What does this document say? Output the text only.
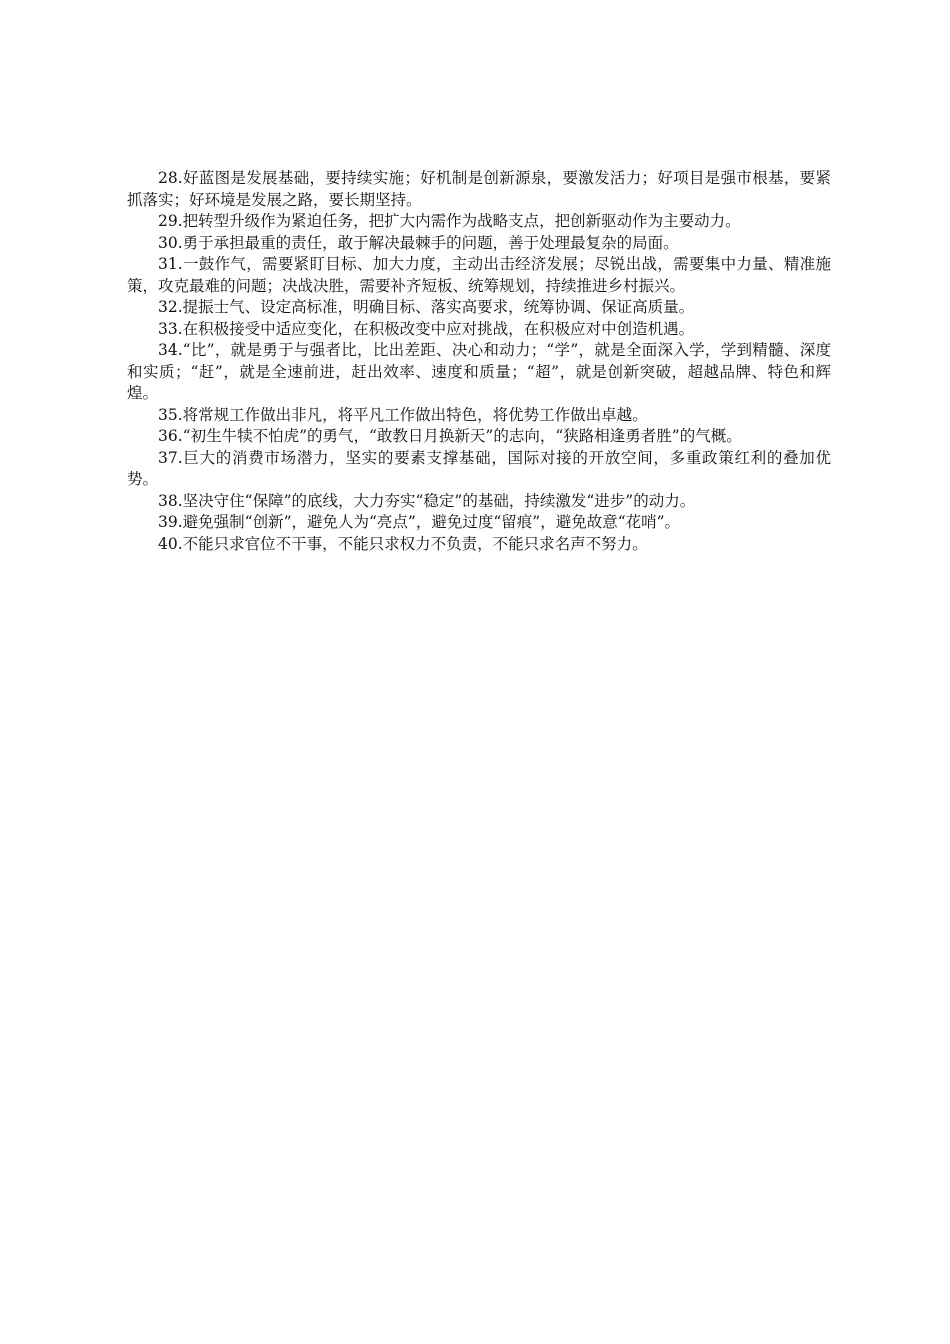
28.好蓝图是发展基础，要持续实施；好机制是创新源泉，要激发活力；好项目是强市根基，要紧抓落实；好环境是发展之路，要长期坚持。

29.把转型升级作为紧迫任务，把扩大内需作为战略支点，把创新驱动作为主要动力。

30.勇于承担最重的责任，敢于解决最棘手的问题，善于处理最复杂的局面。

31.一鼓作气，需要紧盯目标、加大力度，主动出击经济发展；尽锐出战，需要集中力量、精准施策，攻克最难的问题；决战决胜，需要补齐短板、统筹规划，持续推进乡村振兴。

32.提振士气、设定高标准，明确目标、落实高要求，统筹协调、保证高质量。

33.在积极接受中适应变化，在积极改变中应对挑战，在积极应对中创造机遇。

34.“比”，就是勇于与强者比，比出差距、决心和动力；“学”，就是全面深入学，学到精髓、深度和实质；“赶”，就是全速前进，赶出效率、速度和质量；“超”，就是创新突破，超越品牌、特色和辉煌。

35.将常规工作做出非凡，将平凡工作做出特色，将优势工作做出卓越。

36.“初生牛犊不怕虎”的勇气，“敢教日月换新天”的志向，“狭路相逢勇者胜”的气概。

37.巨大的消费市场潜力，坚实的要素支撑基础，国际对接的开放空间，多重政策红利的叠加优势。

38.坚决守住“保障”的底线，大力夯实“稳定”的基础，持续激发“进步”的动力。

39.避免强制“创新”，避免人为“亮点”，避免过度“留痕”，避免故意“花哨”。

40.不能只求官位不干事，不能只求权力不负责，不能只求名声不努力。
